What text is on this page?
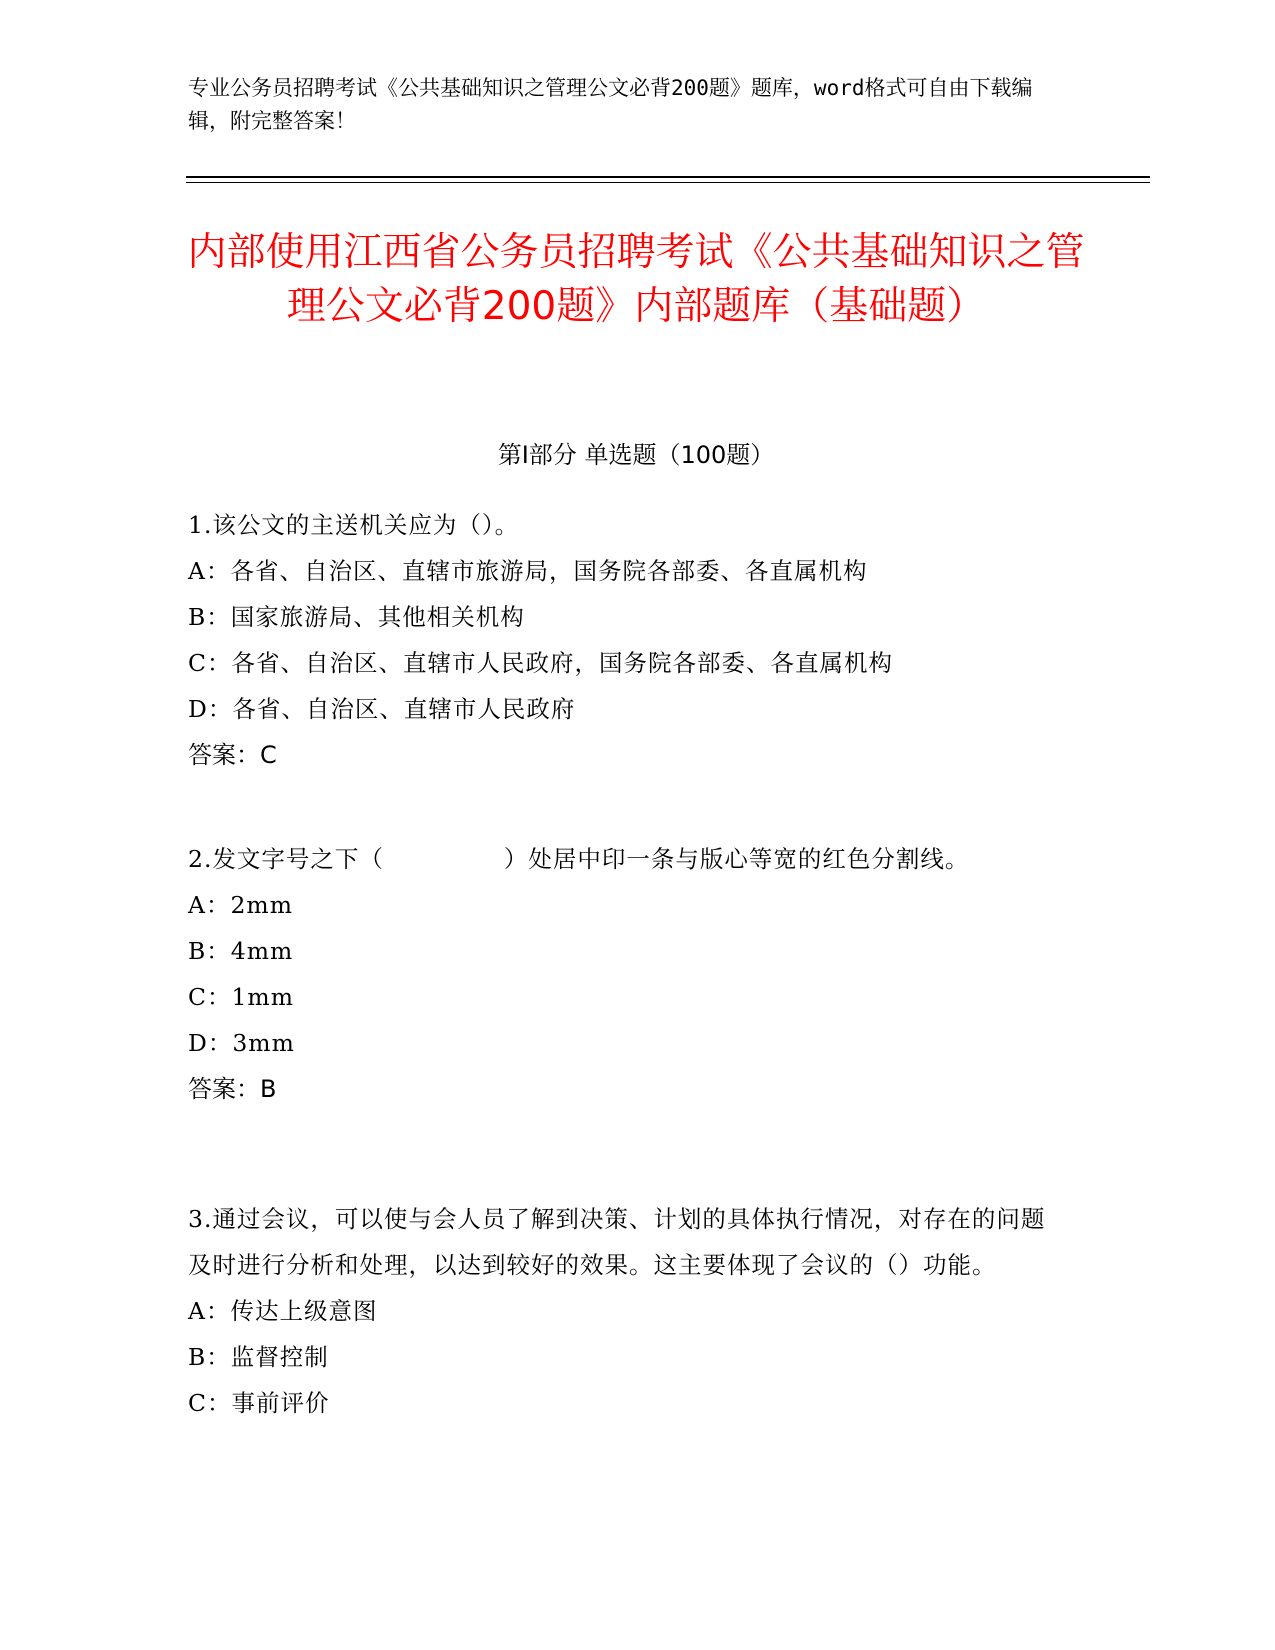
专业公务员招聘考试《公共基础知识之管理公文必背200题》题库，word格式可自由下载编辑，附完整答案！
内部使用江西省公务员招聘考试《公共基础知识之管理公文必背200题》内部题库（基础题）
第I部分 单选题（100题）
1.该公文的主送机关应为（）。
A：各省、自治区、直辖市旅游局，国务院各部委、各直属机构
B：国家旅游局、其他相关机构
C：各省、自治区、直辖市人民政府，国务院各部委、各直属机构
D：各省、自治区、直辖市人民政府
答案：C
2.发文字号之下（	）处居中印一条与版心等宽的红色分割线。
A：2mm
B：4mm
C：1mm
D：3mm
答案：B
3.通过会议，可以使与会人员了解到决策、计划的具体执行情况，对存在的问题及时进行分析和处理，以达到较好的效果。这主要体现了会议的（）功能。
A：传达上级意图
B：监督控制
C：事前评价
